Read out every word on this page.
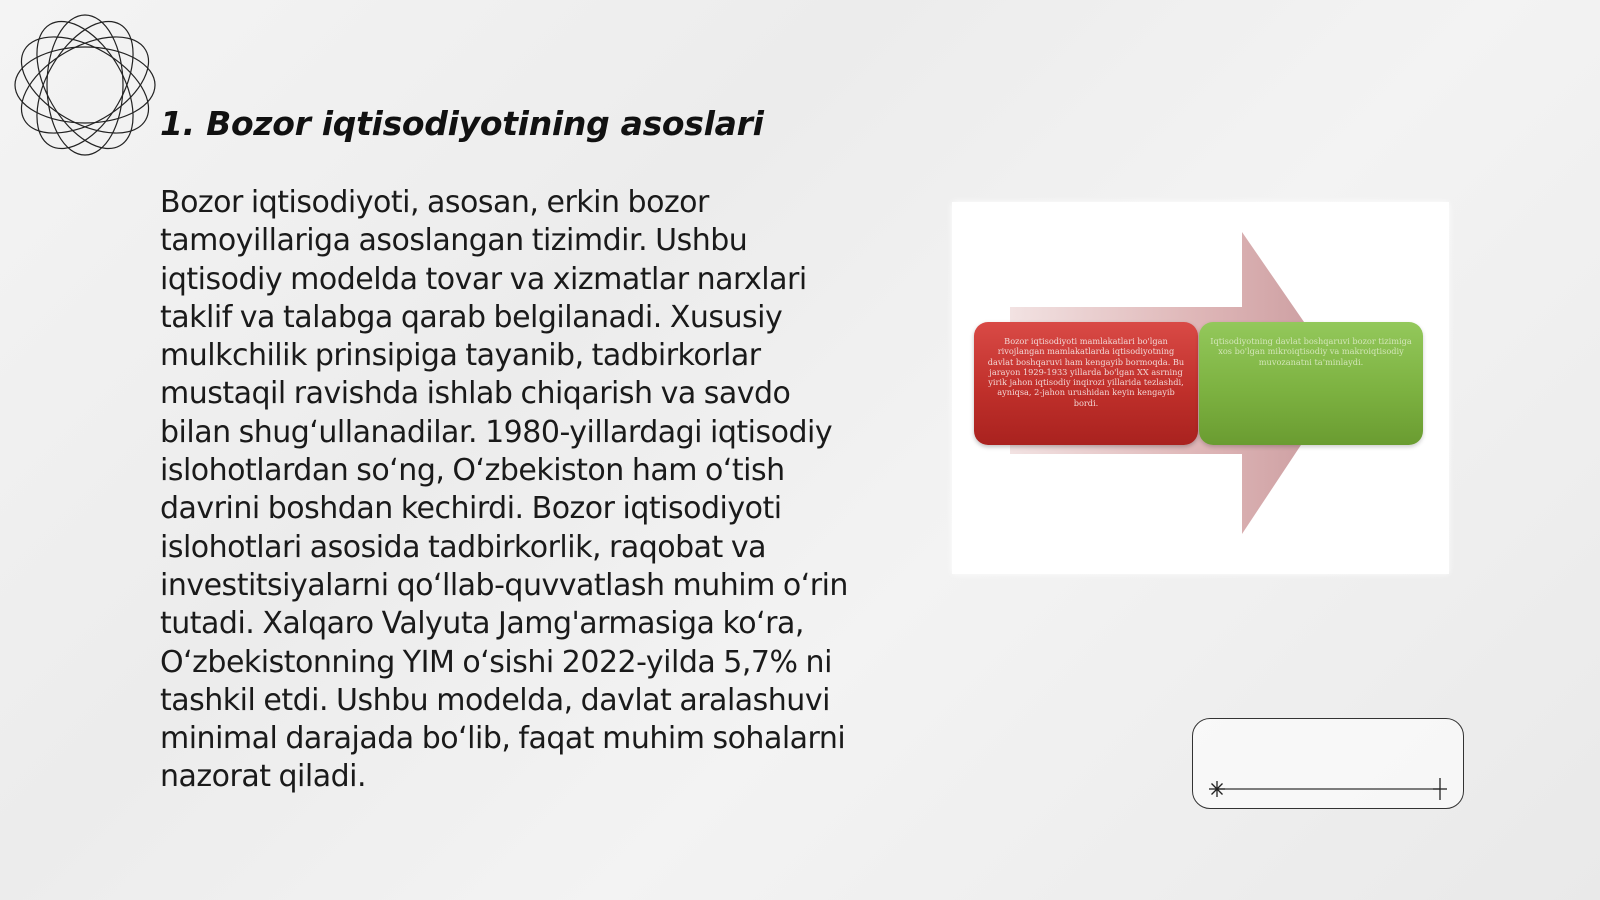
1. Bozor iqtisodiyotining asoslari

Bozor iqtisodiyoti, asosan, erkin bozor tamoyillariga asoslangan tizimdir. Ushbu iqtisodiy modelda tovar va xizmatlar narxlari taklif va talabga qarab belgilanadi. Xususiy mulkchilik prinsipiga tayanib, tadbirkorlar mustaqil ravishda ishlab chiqarish va savdo bilan shug‘ullanadilar. 1980-yillardagi iqtisodiy islohotlardan so‘ng, O‘zbekiston ham o‘tish davrini boshdan kechirdi. Bozor iqtisodiyoti islohotlari asosida tadbirkorlik, raqobat va investitsiyalarni qo‘llab-quvvatlash muhim o‘rin tutadi. Xalqaro Valyuta Jamg'armasiga ko‘ra, O‘zbekistonning YIM o‘sishi 2022-yilda 5,7% ni tashkil etdi. Ushbu modelda, davlat aralashuvi minimal darajada bo‘lib, faqat muhim sohalarni nazorat qiladi.

Bozor iqtisodiyoti mamlakatlari bo'lgan rivojlangan mamlakatlarda iqtisodiyotning davlat boshqaruvi ham kengayib bormoqda. Bu jarayon 1929-1933 yillarda bo'lgan XX asrning yirik jahon iqtisodiy inqirozi yillarida tezlashdi, ayniqsa, 2-jahon urushidan keyin kengayib bordi.
Iqtisodiyotning davlat boshqaruvi bozor tizimiga xos bo'lgan mikroiqtisodiy va makroiqtisodiy muvozanatni ta'minlaydi.
